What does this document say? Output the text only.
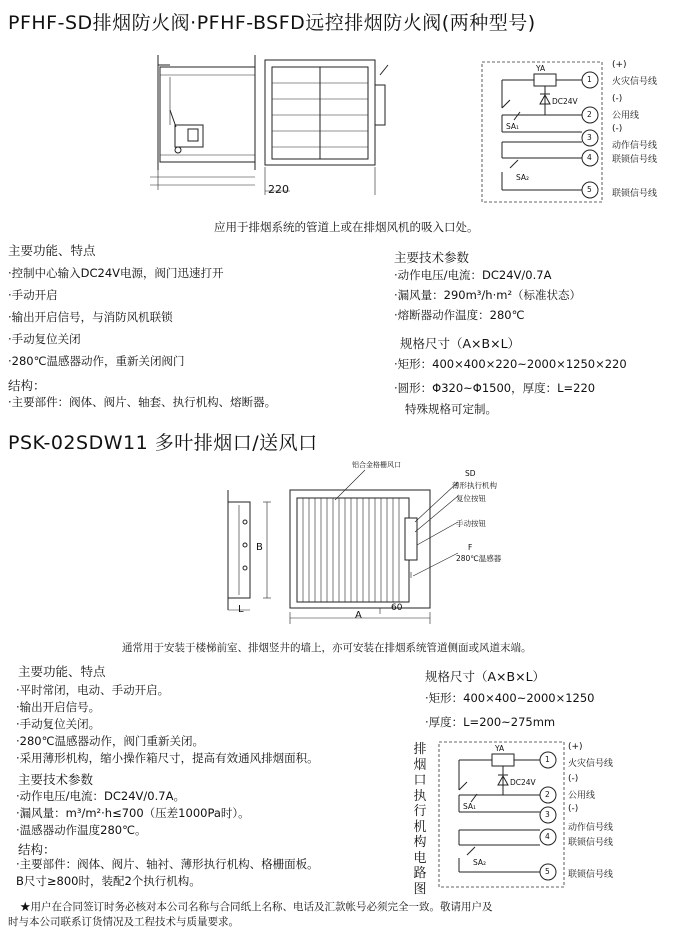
PFHF-SD排烟防火阀·PFHF-BSFD远控排烟防火阀(两种型号)
220
YA
DC24V
SA₁
SA₂
1
2
3
4
5
(+)
火灾信号线
(-)
公用线
(-)
动作信号线
联锁信号线
联锁信号线
应用于排烟系统的管道上或在排烟风机的吸入口处。
主要功能、特点
·控制中心输入DC24V电源，阀门迅速打开
·手动开启
·输出开启信号，与消防风机联锁
·手动复位关闭
·280℃温感器动作，重新关闭阀门
结构：
·主要部件：阀体、阀片、轴套、执行机构、熔断器。
主要技术参数
·动作电压/电流：DC24V/0.7A
·漏风量：290m³/h·m²（标准状态）
·熔断器动作温度：280℃
规格尺寸（A×B×L）
·矩形：400×400×220~2000×1250×220
·圆形：Φ320~Φ1500，厚度：L=220
特殊规格可定制。
PSK-02SDW11 多叶排烟口/送风口
铝合金格栅风口
SD
薄形执行机构
复位按钮
手动按钮
F
280℃温感器
60
A
B
L
通常用于安装于楼梯前室、排烟竖井的墙上，亦可安装在排烟系统管道侧面或风道末端。
主要功能、特点
·平时常闭，电动、手动开启。
·输出开启信号。
·手动复位关闭。
·280℃温感器动作，阀门重新关闭。
·采用薄形机构，缩小操作箱尺寸，提高有效通风排烟面积。
主要技术参数
·动作电压/电流：DC24V/0.7A。
·漏风量：m³/m²·h≤700（压差1000Pa时）。
·温感器动作温度280℃。
结构：
·主要部件：阀体、阀片、轴衬、薄形执行机构、格栅面板。
B尺寸≥800时，装配2个执行机构。
规格尺寸（A×B×L）
·矩形：400×400~2000×1250
·厚度：L=200~275mm
排
烟
口
执
行
机
构
电
路
图
YA
DC24V
SA₁
SA₂
1
2
3
4
5
(+)
火灾信号线
(-)
公用线
(-)
动作信号线
联锁信号线
联锁信号线
★用户在合同签订时务必核对本公司名称与合同纸上名称、电话及汇款帐号必须完全一致。敬请用户及
时与本公司联系订货情况及工程技术与质量要求。
